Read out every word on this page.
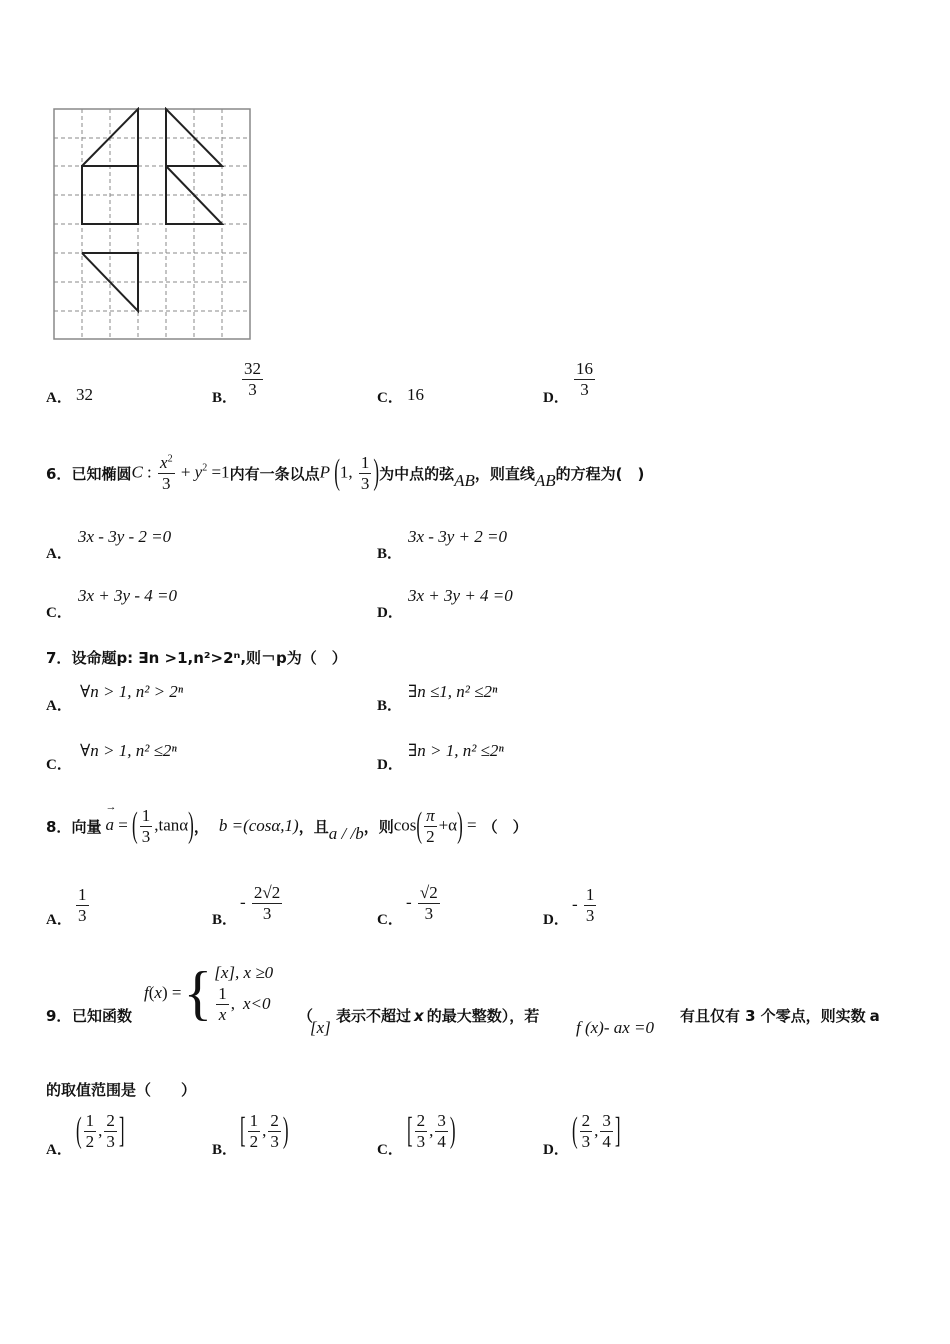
A． 32	B． $\frac{32}{3}$	C． 16	D． $\frac{16}{3}$
6． 已知椭圆 C : $\frac{x^2}{3} + y^2 =1$ 内有一条以点 P (1, $\frac{1}{3}$ ) 为中点的弦 AB ，则直线 AB 的方程为(　)
A．
3x - 3y - 2 =0
B．
3x - 3y + 2 =0
C．
3x + 3y - 4 =0
D．
3x + 3y + 4 =0
7．设命题p: ∃n >1,n²>2ⁿ,则￢p为（　）
A．
∀n > 1, n² > 2ⁿ
B．
∃n ≤1, n² ≤2ⁿ
C．
∀n > 1, n² ≤2ⁿ
D．
∃n > 1, n² ≤2ⁿ
8． 向量 a
→
= ( $\frac{1}{3} ,\tan\alpha$) ， b =(cosα,1) ，且 a / /b ，则 $\cos( \frac{\pi}{2} +\alpha)$ = （　）
A． $\frac{1}{3}$	B．
- $\frac{2√2}{3}$	C．
- $\frac{√2}{3}$	D．
- $\frac{1}{3}$
9． 已知函数
f ( x ) = { [x], x ≥0
$\frac{1}{x}$ , x<0
（
[x]
表示不超过 x 的最大整数），若
f (x)- ax =0
有且仅有 3 个零点，则实数 a
的取值范围是（　　）
A． ( $\frac{1}{2}$ , $\frac{2}{3}$ ]	B． [ $\frac{1}{2}$ , $\frac{2}{3}$ )	C． [ $\frac{2}{3}$ , $\frac{3}{4}$ )	D． ( $\frac{2}{3}$ , $\frac{3}{4}$ ]
